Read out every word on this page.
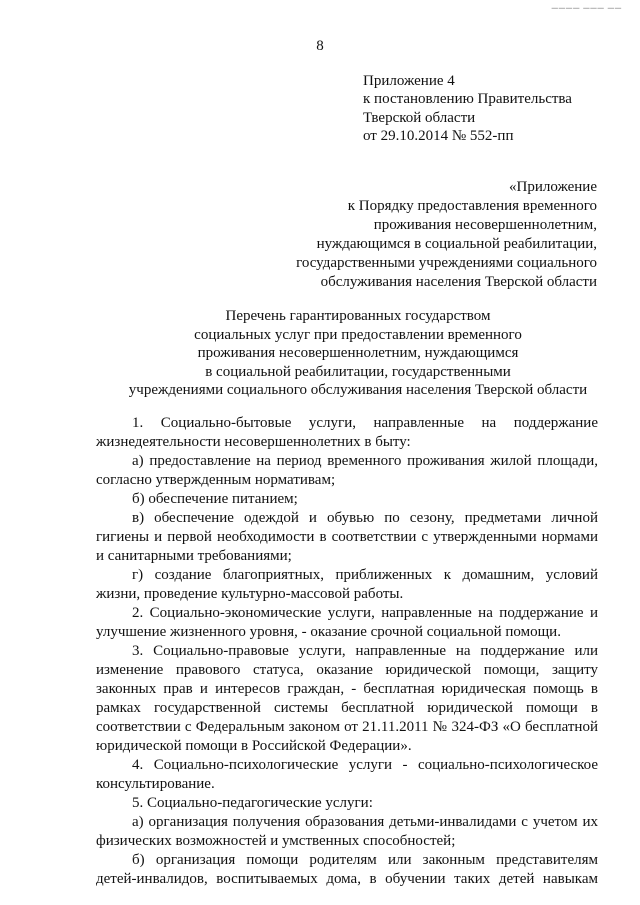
▁▁▁▁ ▁▁▁ ▁▁
8
Приложение 4
к постановлению Правительства
Тверской области
от 29.10.2014 № 552-пп
«Приложение
к Порядку предоставления временного
проживания несовершеннолетним,
нуждающимся в социальной реабилитации,
государственными учреждениями социального
обслуживания населения Тверской области
Перечень гарантированных государством
социальных услуг при предоставлении временного
проживания несовершеннолетним, нуждающимся
в социальной реабилитации, государственными
учреждениями социального обслуживания населения Тверской области
1. Социально-бытовые услуги, направленные на поддержание
жизнедеятельности несовершеннолетних в быту:
а) предоставление на период временного проживания жилой площади,
согласно утвержденным нормативам;
б) обеспечение питанием;
в) обеспечение одеждой и обувью по сезону, предметами личной
гигиены и первой необходимости в соответствии с утвержденными нормами
и санитарными требованиями;
г) создание благоприятных, приближенных к домашним, условий
жизни, проведение культурно-массовой работы.
2. Социально-экономические услуги, направленные на поддержание и
улучшение жизненного уровня, - оказание срочной социальной помощи.
3. Социально-правовые услуги, направленные на поддержание или
изменение правового статуса, оказание юридической помощи, защиту
законных прав и интересов граждан, - бесплатная юридическая помощь в
рамках государственной системы бесплатной юридической помощи в
соответствии с Федеральным законом от 21.11.2011 № 324-ФЗ «О бесплатной
юридической помощи в Российской Федерации».
4. Социально-психологические услуги - социально-психологическое
консультирование.
5. Социально-педагогические услуги:
а) организация получения образования детьми-инвалидами с учетом их
физических возможностей и умственных способностей;
б) организация помощи родителям или законным представителям
детей-инвалидов, воспитываемых дома, в обучении таких детей навыкам
